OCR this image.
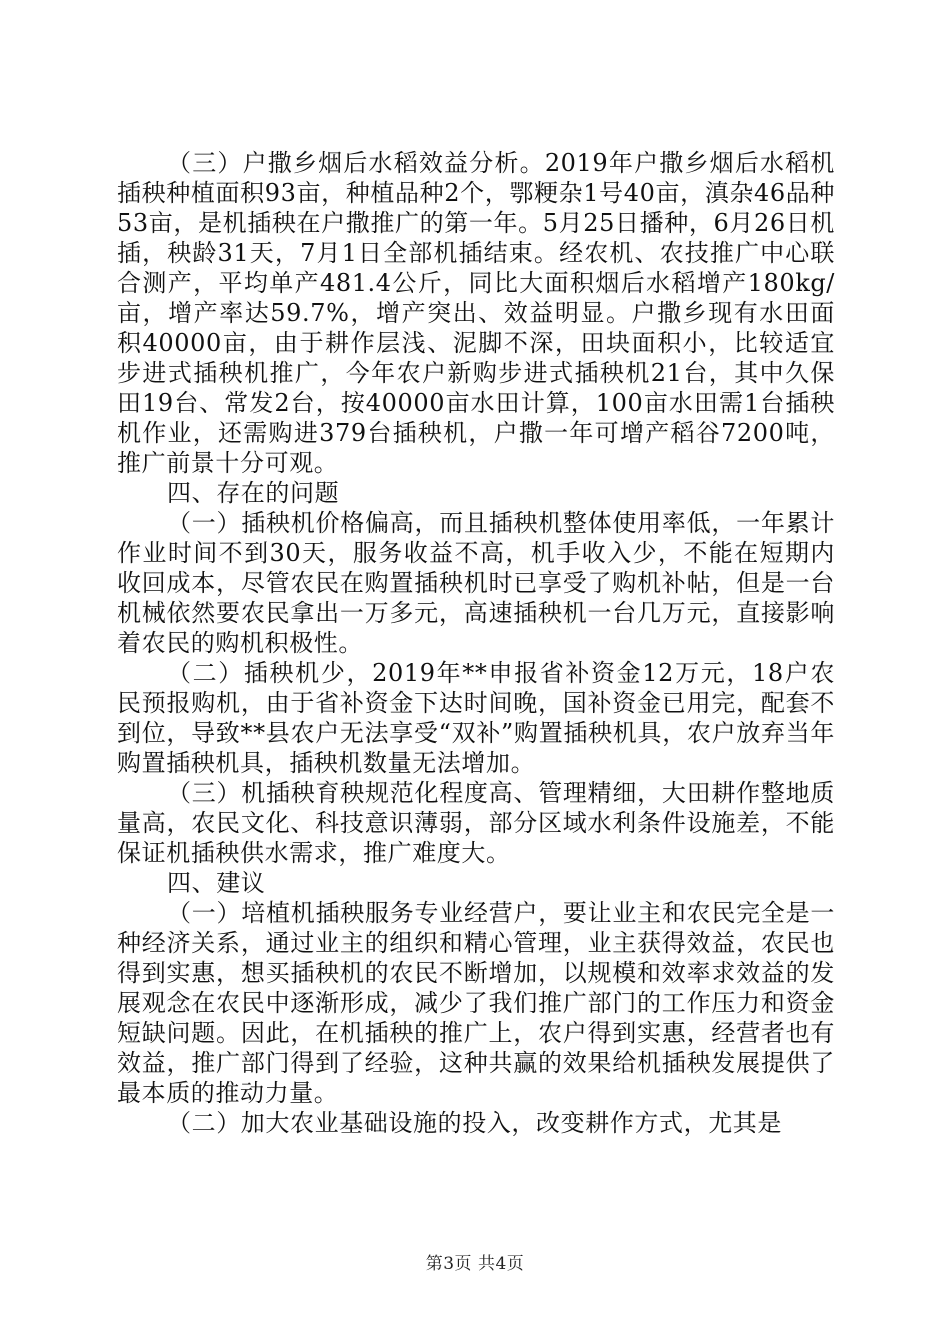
（三）户撒乡烟后水稻效益分析。2019年户撒乡烟后水稻机插秧种植面积93亩，种植品种2个，鄂粳杂1号40亩，滇杂46品种53亩，是机插秧在户撒推广的第一年。5月25日播种，6月26日机插，秧龄31天，7月1日全部机插结束。经农机、农技推广中心联合测产，平均单产481.4公斤，同比大面积烟后水稻增产180kg/亩，增产率达59.7%，增产突出、效益明显。户撒乡现有水田面积40000亩，由于耕作层浅、泥脚不深，田块面积小，比较适宜步进式插秧机推广，今年农户新购步进式插秧机21台，其中久保田19台、常发2台，按40000亩水田计算，100亩水田需1台插秧机作业，还需购进379台插秧机，户撒一年可增产稻谷7200吨，推广前景十分可观。

四、存在的问题

（一）插秧机价格偏高，而且插秧机整体使用率低，一年累计作业时间不到30天，服务收益不高，机手收入少，不能在短期内收回成本，尽管农民在购置插秧机时已享受了购机补帖，但是一台机械依然要农民拿出一万多元，高速插秧机一台几万元，直接影响着农民的购机积极性。

（二）插秧机少，2019年**申报省补资金12万元，18户农民预报购机，由于省补资金下达时间晚，国补资金已用完，配套不到位，导致**县农户无法享受“双补”购置插秧机具，农户放弃当年购置插秧机具，插秧机数量无法增加。

（三）机插秧育秧规范化程度高、管理精细，大田耕作整地质量高，农民文化、科技意识薄弱，部分区域水利条件设施差，不能保证机插秧供水需求，推广难度大。

四、建议

（一）培植机插秧服务专业经营户，要让业主和农民完全是一种经济关系，通过业主的组织和精心管理，业主获得效益，农民也得到实惠，想买插秧机的农民不断增加，以规模和效率求效益的发展观念在农民中逐渐形成，减少了我们推广部门的工作压力和资金短缺问题。因此，在机插秧的推广上，农户得到实惠，经营者也有效益，推广部门得到了经验，这种共赢的效果给机插秧发展提供了最本质的推动力量。

（二）加大农业基础设施的投入，改变耕作方式，尤其是

第3页 共4页
